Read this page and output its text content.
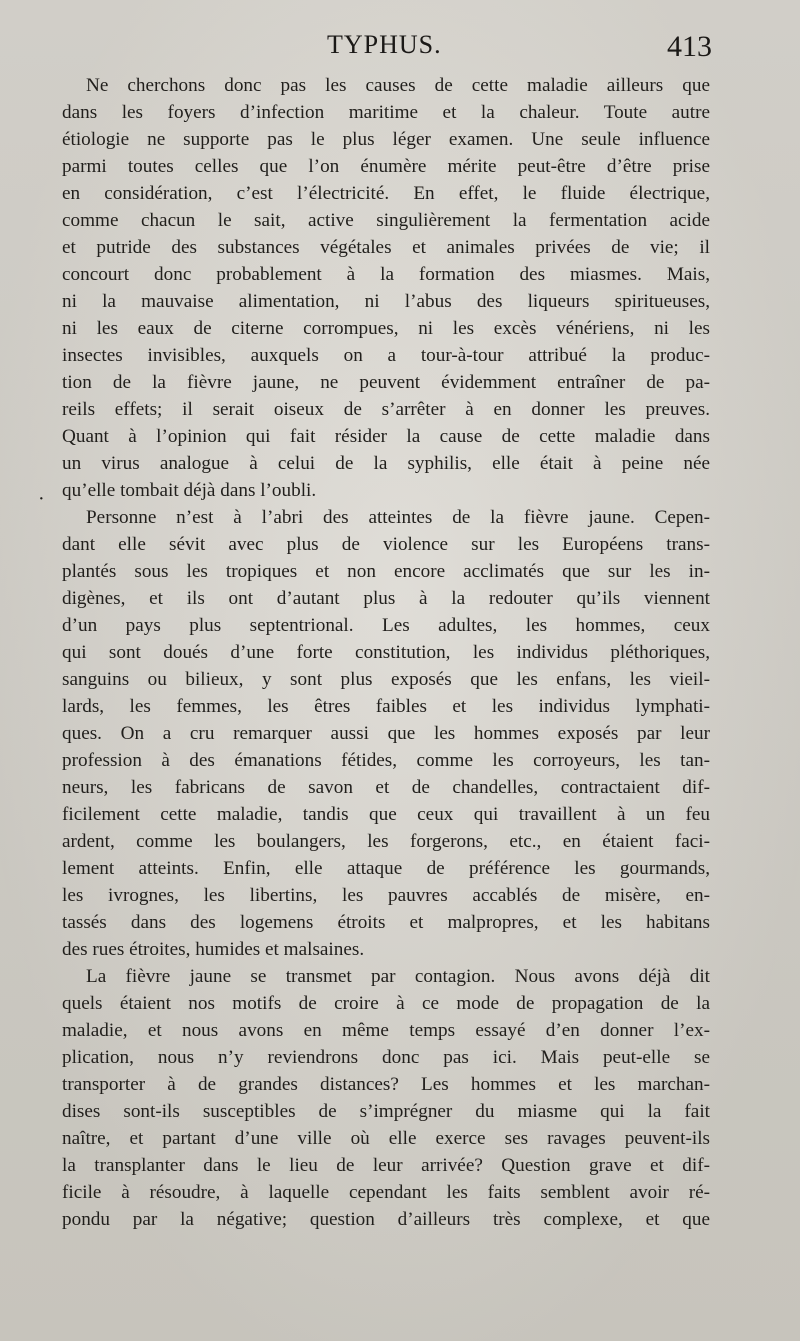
TYPHUS.	413
Ne cherchons donc pas les causes de cette maladie ailleurs que
dans les foyers d’infection maritime et la chaleur. Toute autre
étiologie ne supporte pas le plus léger examen. Une seule influence
parmi toutes celles que l’on énumère mérite peut-être d’être prise
en considération, c’est l’électricité. En effet, le fluide électrique,
comme chacun le sait, active singulièrement la fermentation acide
et putride des substances végétales et animales privées de vie; il
concourt donc probablement à la formation des miasmes. Mais,
ni la mauvaise alimentation, ni l’abus des liqueurs spiritueuses,
ni les eaux de citerne corrompues, ni les excès vénériens, ni les
insectes invisibles, auxquels on a tour-à-tour attribué la produc-
tion de la fièvre jaune, ne peuvent évidemment entraîner de pa-
reils effets; il serait oiseux de s’arrêter à en donner les preuves.
Quant à l’opinion qui fait résider la cause de cette maladie dans
un virus analogue à celui de la syphilis, elle était à peine née
qu’elle tombait déjà dans l’oubli.
Personne n’est à l’abri des atteintes de la fièvre jaune. Cepen-
dant elle sévit avec plus de violence sur les Européens trans-
plantés sous les tropiques et non encore acclimatés que sur les in-
digènes, et ils ont d’autant plus à la redouter qu’ils viennent
d’un pays plus septentrional. Les adultes, les hommes, ceux
qui sont doués d’une forte constitution, les individus pléthoriques,
sanguins ou bilieux, y sont plus exposés que les enfans, les vieil-
lards, les femmes, les êtres faibles et les individus lymphati-
ques. On a cru remarquer aussi que les hommes exposés par leur
profession à des émanations fétides, comme les corroyeurs, les tan-
neurs, les fabricans de savon et de chandelles, contractaient dif-
ficilement cette maladie, tandis que ceux qui travaillent à un feu
ardent, comme les boulangers, les forgerons, etc., en étaient faci-
lement atteints. Enfin, elle attaque de préférence les gourmands,
les ivrognes, les libertins, les pauvres accablés de misère, en-
tassés dans des logemens étroits et malpropres, et les habitans
des rues étroites, humides et malsaines.
La fièvre jaune se transmet par contagion. Nous avons déjà dit
quels étaient nos motifs de croire à ce mode de propagation de la
maladie, et nous avons en même temps essayé d’en donner l’ex-
plication, nous n’y reviendrons donc pas ici. Mais peut-elle se
transporter à de grandes distances? Les hommes et les marchan-
dises sont-ils susceptibles de s’imprégner du miasme qui la fait
naître, et partant d’une ville où elle exerce ses ravages peuvent-ils
la transplanter dans le lieu de leur arrivée? Question grave et dif-
ficile à résoudre, à laquelle cependant les faits semblent avoir ré-
pondu par la négative; question d’ailleurs très complexe, et que
·
